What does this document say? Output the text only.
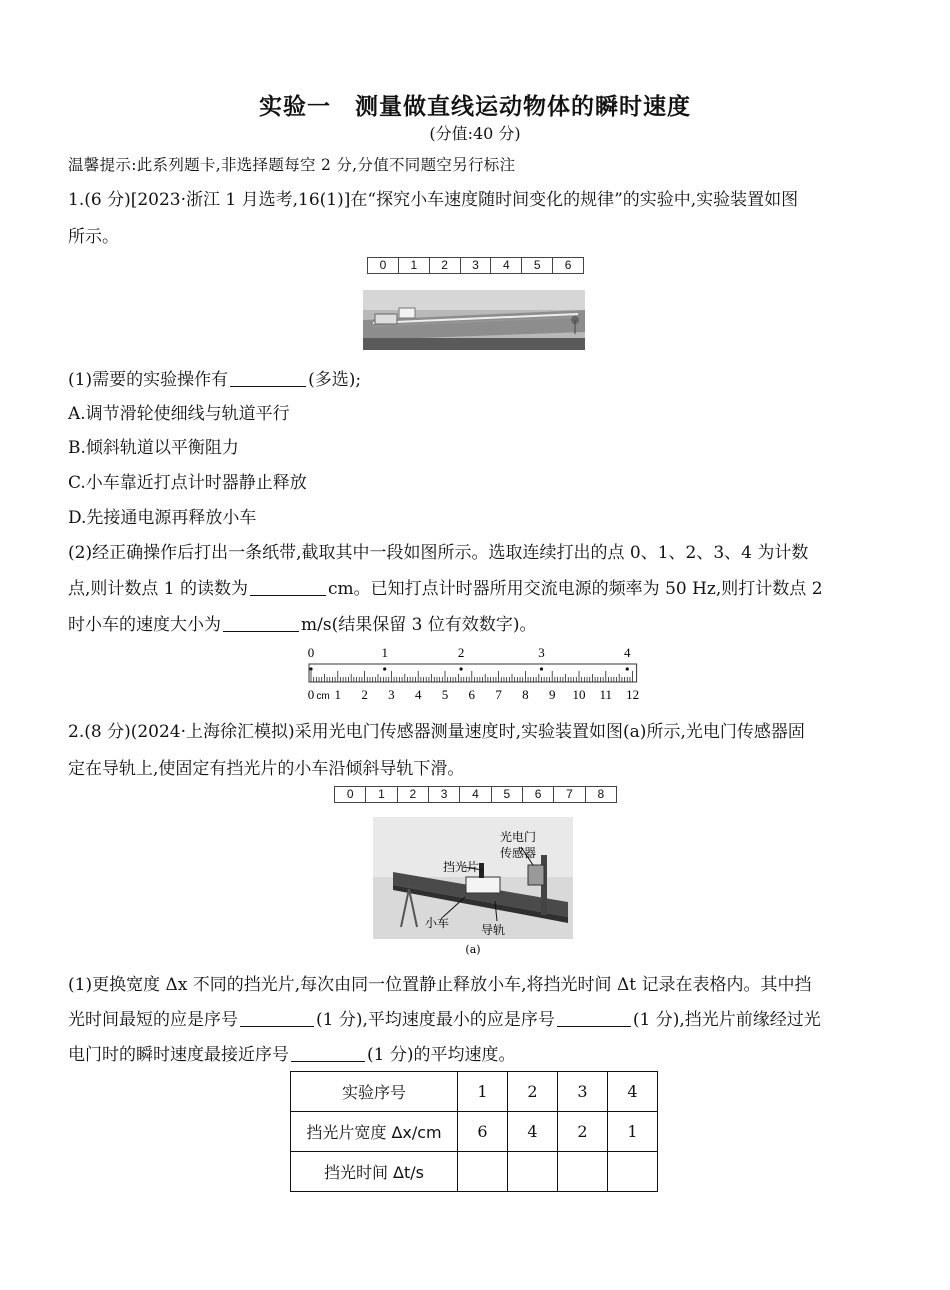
实验一　测量做直线运动物体的瞬时速度
(分值:40 分)
温馨提示:此系列题卡,非选择题每空 2 分,分值不同题空另行标注
1.(6 分)[2023·浙江 1 月选考,16(1)]在“探究小车速度随时间变化的规律”的实验中,实验装置如图
所示。
0	1	2	3	4	5	6
(1)需要的实验操作有	(多选);
A.调节滑轮使细线与轨道平行
B.倾斜轨道以平衡阻力
C.小车靠近打点计时器静止释放
D.先接通电源再释放小车
(2)经正确操作后打出一条纸带,截取其中一段如图所示。选取连续打出的点 0、1、2、3、4 为计数
点,则计数点 1 的读数为	cm。已知打点计时器所用交流电源的频率为 50 Hz,则打计数点 2
时小车的速度大小为	m/s(结果保留 3 位有效数字)。
0	1	2	3	4
0 1 2 3 4 5 6 7 8 9 10 11 12
cm
2.(8 分)(2024·上海徐汇模拟)采用光电门传感器测量速度时,实验装置如图(a)所示,光电门传感器固
定在导轨上,使固定有挡光片的小车沿倾斜导轨下滑。
0	1	2	3	4	5	6	7	8
光电门
传感器
挡光片
小车	导轨
(a)
(1)更换宽度 Δx 不同的挡光片,每次由同一位置静止释放小车,将挡光时间 Δt 记录在表格内。其中挡
光时间最短的应是序号	(1 分),平均速度最小的应是序号	(1 分),挡光片前缘经过光
电门时的瞬时速度最接近序号	(1 分)的平均速度。
实验序号	1	2	3	4
挡光片宽度 Δx/cm	6	4	2	1
挡光时间 Δt/s				
